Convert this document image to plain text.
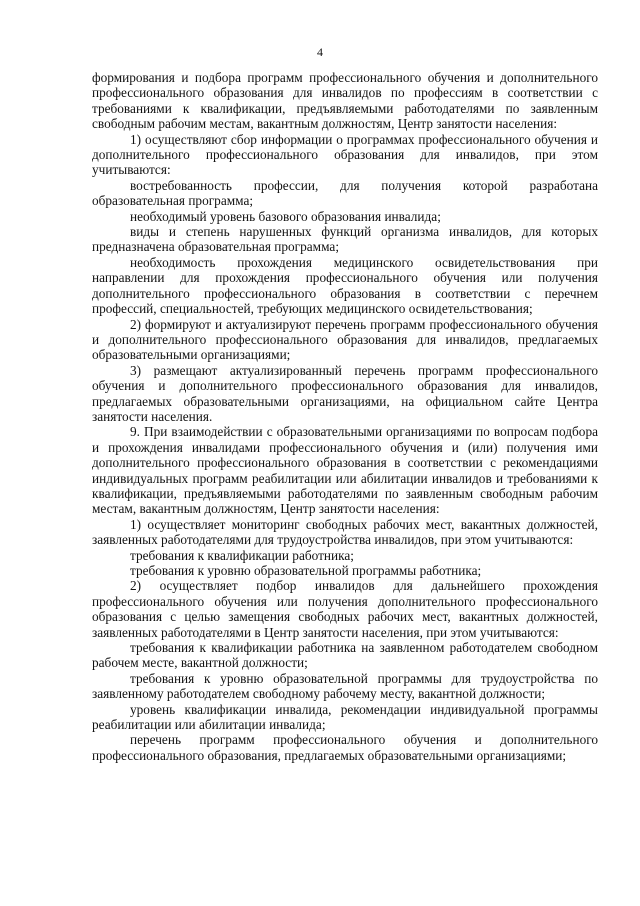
4

формирования и подбора программ профессионального обучения и дополнительного профессионального образования для инвалидов по профессиям в соответствии с требованиями к квалификации, предъявляемыми работодателями по заявленным свободным рабочим местам, вакантным должностям, Центр занятости населения:

1) осуществляют сбор информации о программах профессионального обучения и дополнительного профессионального образования для инвалидов, при этом учитываются:

востребованность профессии, для получения которой разработана образовательная программа;

необходимый уровень базового образования инвалида;

виды и степень нарушенных функций организма инвалидов, для которых предназначена образовательная программа;

необходимость прохождения медицинского освидетельствования при направлении для прохождения профессионального обучения или получения дополнительного профессионального образования в соответствии с перечнем профессий, специальностей, требующих медицинского освидетельствования;

2) формируют и актуализируют перечень программ профессионального обучения и дополнительного профессионального образования для инвалидов, предлагаемых образовательными организациями;

3) размещают актуализированный перечень программ профессионального обучения и дополнительного профессионального образования для инвалидов, предлагаемых образовательными организациями, на официальном сайте Центра занятости населения.

9. При взаимодействии с образовательными организациями по вопросам подбора и прохождения инвалидами профессионального обучения и (или) получения ими дополнительного профессионального образования в соответствии с рекомендациями индивидуальных программ реабилитации или абилитации инвалидов и требованиями к квалификации, предъявляемыми работодателями по заявленным свободным рабочим местам, вакантным должностям, Центр занятости населения:

1) осуществляет мониторинг свободных рабочих мест, вакантных должностей, заявленных работодателями для трудоустройства инвалидов, при этом учитываются:

требования к квалификации работника;

требования к уровню образовательной программы работника;

2) осуществляет подбор инвалидов для дальнейшего прохождения профессионального обучения или получения дополнительного профессионального образования с целью замещения свободных рабочих мест, вакантных должностей, заявленных работодателями в Центр занятости населения, при этом учитываются:

требования к квалификации работника на заявленном работодателем свободном рабочем месте, вакантной должности;

требования к уровню образовательной программы для трудоустройства по заявленному работодателем свободному рабочему месту, вакантной должности;

уровень квалификации инвалида, рекомендации индивидуальной программы реабилитации или абилитации инвалида;

перечень программ профессионального обучения и дополнительного профессионального образования, предлагаемых образовательными организациями;
